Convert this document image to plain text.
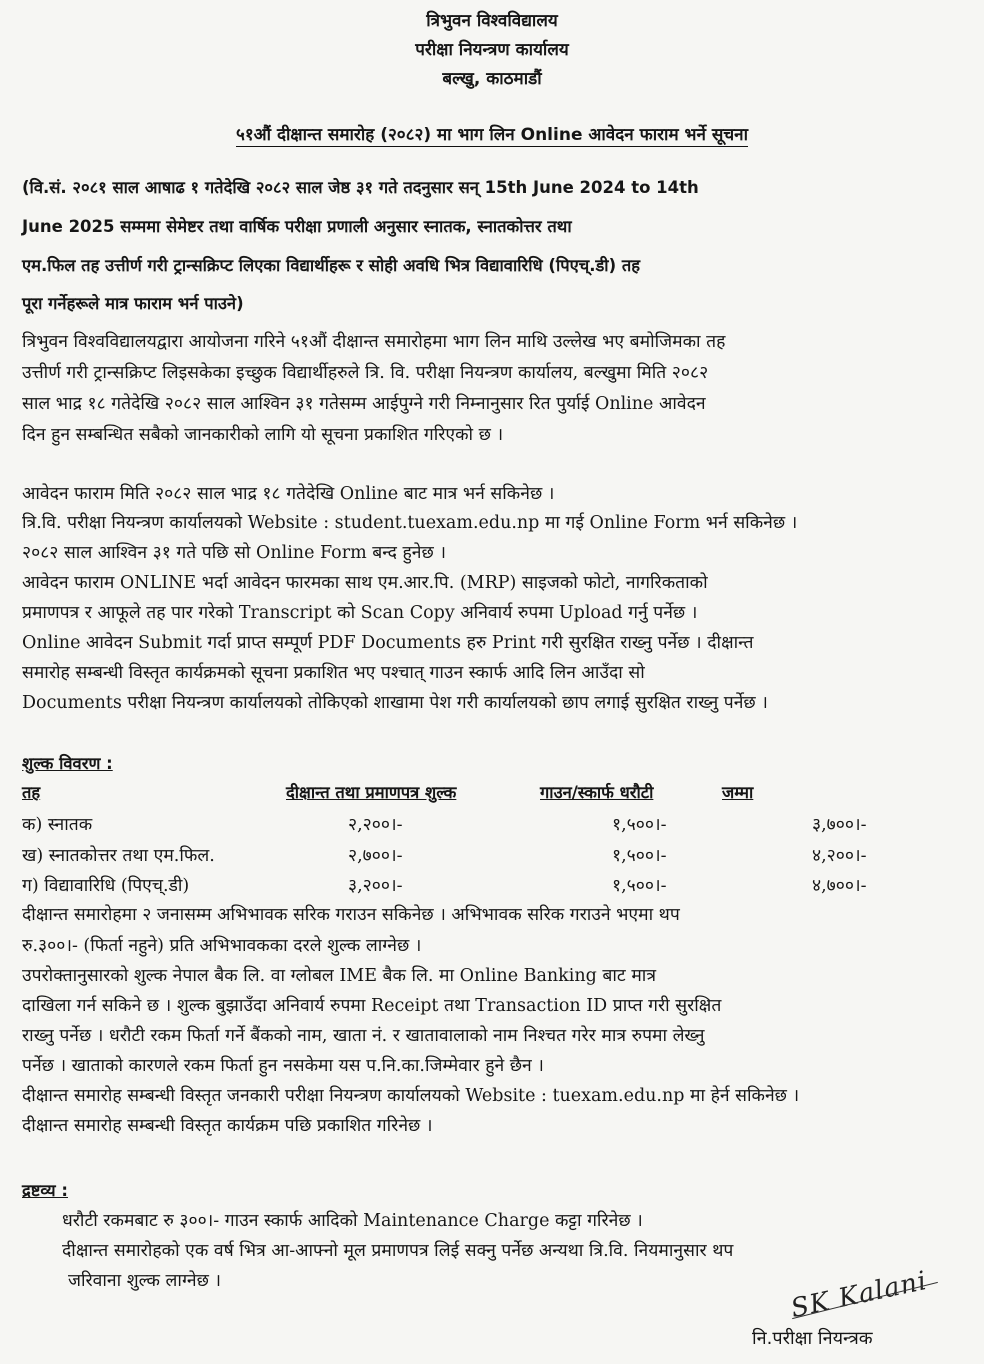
त्रिभुवन विश्वविद्यालय
परीक्षा नियन्त्रण कार्यालय
बल्खु, काठमाडौं
५१औं दीक्षान्त समारोह (२०८२) मा भाग लिन Online आवेदन फाराम भर्ने सूचना
(वि.सं. २०८१ साल आषाढ १ गतेदेखि २०८२ साल जेष्ठ ३१ गते तदनुसार सन् 15th June 2024 to 14th
June 2025 सम्ममा सेमेष्टर तथा वार्षिक परीक्षा प्रणाली अनुसार स्नातक, स्नातकोत्तर तथा
एम.फिल तह उत्तीर्ण गरी ट्रान्सक्रिप्ट लिएका विद्यार्थीहरू र सोही अवधि भित्र विद्यावारिधि (पिएच्.डी) तह
पूरा गर्नेहरूले मात्र फाराम भर्न पाउने)
त्रिभुवन विश्वविद्यालयद्वारा आयोजना गरिने ५१औं दीक्षान्त समारोहमा भाग लिन माथि उल्लेख भए बमोजिमका तह
उत्तीर्ण गरी ट्रान्सक्रिप्ट लिइसकेका इच्छुक विद्यार्थीहरुले त्रि. वि. परीक्षा नियन्त्रण कार्यालय, बल्खुमा मिति २०८२
साल भाद्र १८ गतेदेखि २०८२ साल आश्विन ३१ गतेसम्म आईपुग्ने गरी निम्नानुसार रित पुर्याई Online आवेदन
दिन हुन सम्बन्धित सबैको जानकारीको लागि यो सूचना प्रकाशित गरिएको छ ।
आवेदन फाराम मिति २०८२ साल भाद्र १८ गतेदेखि Online बाट मात्र भर्न सकिनेछ ।
त्रि.वि. परीक्षा नियन्त्रण कार्यालयको Website : student.tuexam.edu.np मा गई Online Form भर्न सकिनेछ ।
२०८२ साल आश्विन ३१ गते पछि सो Online Form बन्द हुनेछ ।
आवेदन फाराम ONLINE भर्दा आवेदन फारमका साथ एम.आर.पि. (MRP) साइजको फोटो, नागरिकताको
प्रमाणपत्र र आफूले तह पार गरेको Transcript को Scan Copy अनिवार्य रुपमा Upload गर्नु पर्नेछ ।
Online आवेदन Submit गर्दा प्राप्त सम्पूर्ण PDF Documents हरु Print गरी सुरक्षित राख्नु पर्नेछ । दीक्षान्त
समारोह सम्बन्धी विस्तृत कार्यक्रमको सूचना प्रकाशित भए पश्चात् गाउन स्कार्फ आदि लिन आउँदा सो
Documents परीक्षा नियन्त्रण कार्यालयको तोकिएको शाखामा पेश गरी कार्यालयको छाप लगाई सुरक्षित राख्नु पर्नेछ ।
शुल्क विवरण :
तह	दीक्षान्त तथा प्रमाणपत्र शुल्क	गाउन/स्कार्फ धरौटी	जम्मा
क) स्नातक	२,२००।-	१,५००।-	३,७००।-
ख) स्नातकोत्तर तथा एम.फिल.	२,७००।-	१,५००।-	४,२००।-
ग) विद्यावारिधि (पिएच्.डी)	३,२००।-	१,५००।-	४,७००।-
दीक्षान्त समारोहमा २ जनासम्म अभिभावक सरिक गराउन सकिनेछ । अभिभावक सरिक गराउने भएमा थप
रु.३००।- (फिर्ता नहुने) प्रति अभिभावकका दरले शुल्क लाग्नेछ ।
उपरोक्तानुसारको शुल्क नेपाल बैक लि. वा ग्लोबल IME बैक लि. मा Online Banking बाट मात्र
दाखिला गर्न सकिने छ । शुल्क बुझाउँदा अनिवार्य रुपमा Receipt तथा Transaction ID प्राप्त गरी सुरक्षित
राख्नु पर्नेछ । धरौटी रकम फिर्ता गर्ने बैंकको नाम, खाता नं. र खातावालाको नाम निश्चत गरेर मात्र रुपमा लेख्नु
पर्नेछ । खाताको कारणले रकम फिर्ता हुन नसकेमा यस प.नि.का.जिम्मेवार हुने छैन ।
दीक्षान्त समारोह सम्बन्धी विस्तृत जनकारी परीक्षा नियन्त्रण कार्यालयको Website : tuexam.edu.np मा हेर्न सकिनेछ ।
दीक्षान्त समारोह सम्बन्धी विस्तृत कार्यक्रम पछि प्रकाशित गरिनेछ ।
द्रष्टव्य :
धरौटी रकमबाट रु ३००।- गाउन स्कार्फ आदिको Maintenance Charge कट्टा गरिनेछ ।
दीक्षान्त समारोहको एक वर्ष भित्र आ-आफ्नो मूल प्रमाणपत्र लिई सक्नु पर्नेछ अन्यथा त्रि.वि. नियमानुसार थप
जरिवाना शुल्क लाग्नेछ ।	SK Kalani
नि.परीक्षा नियन्त्रक
